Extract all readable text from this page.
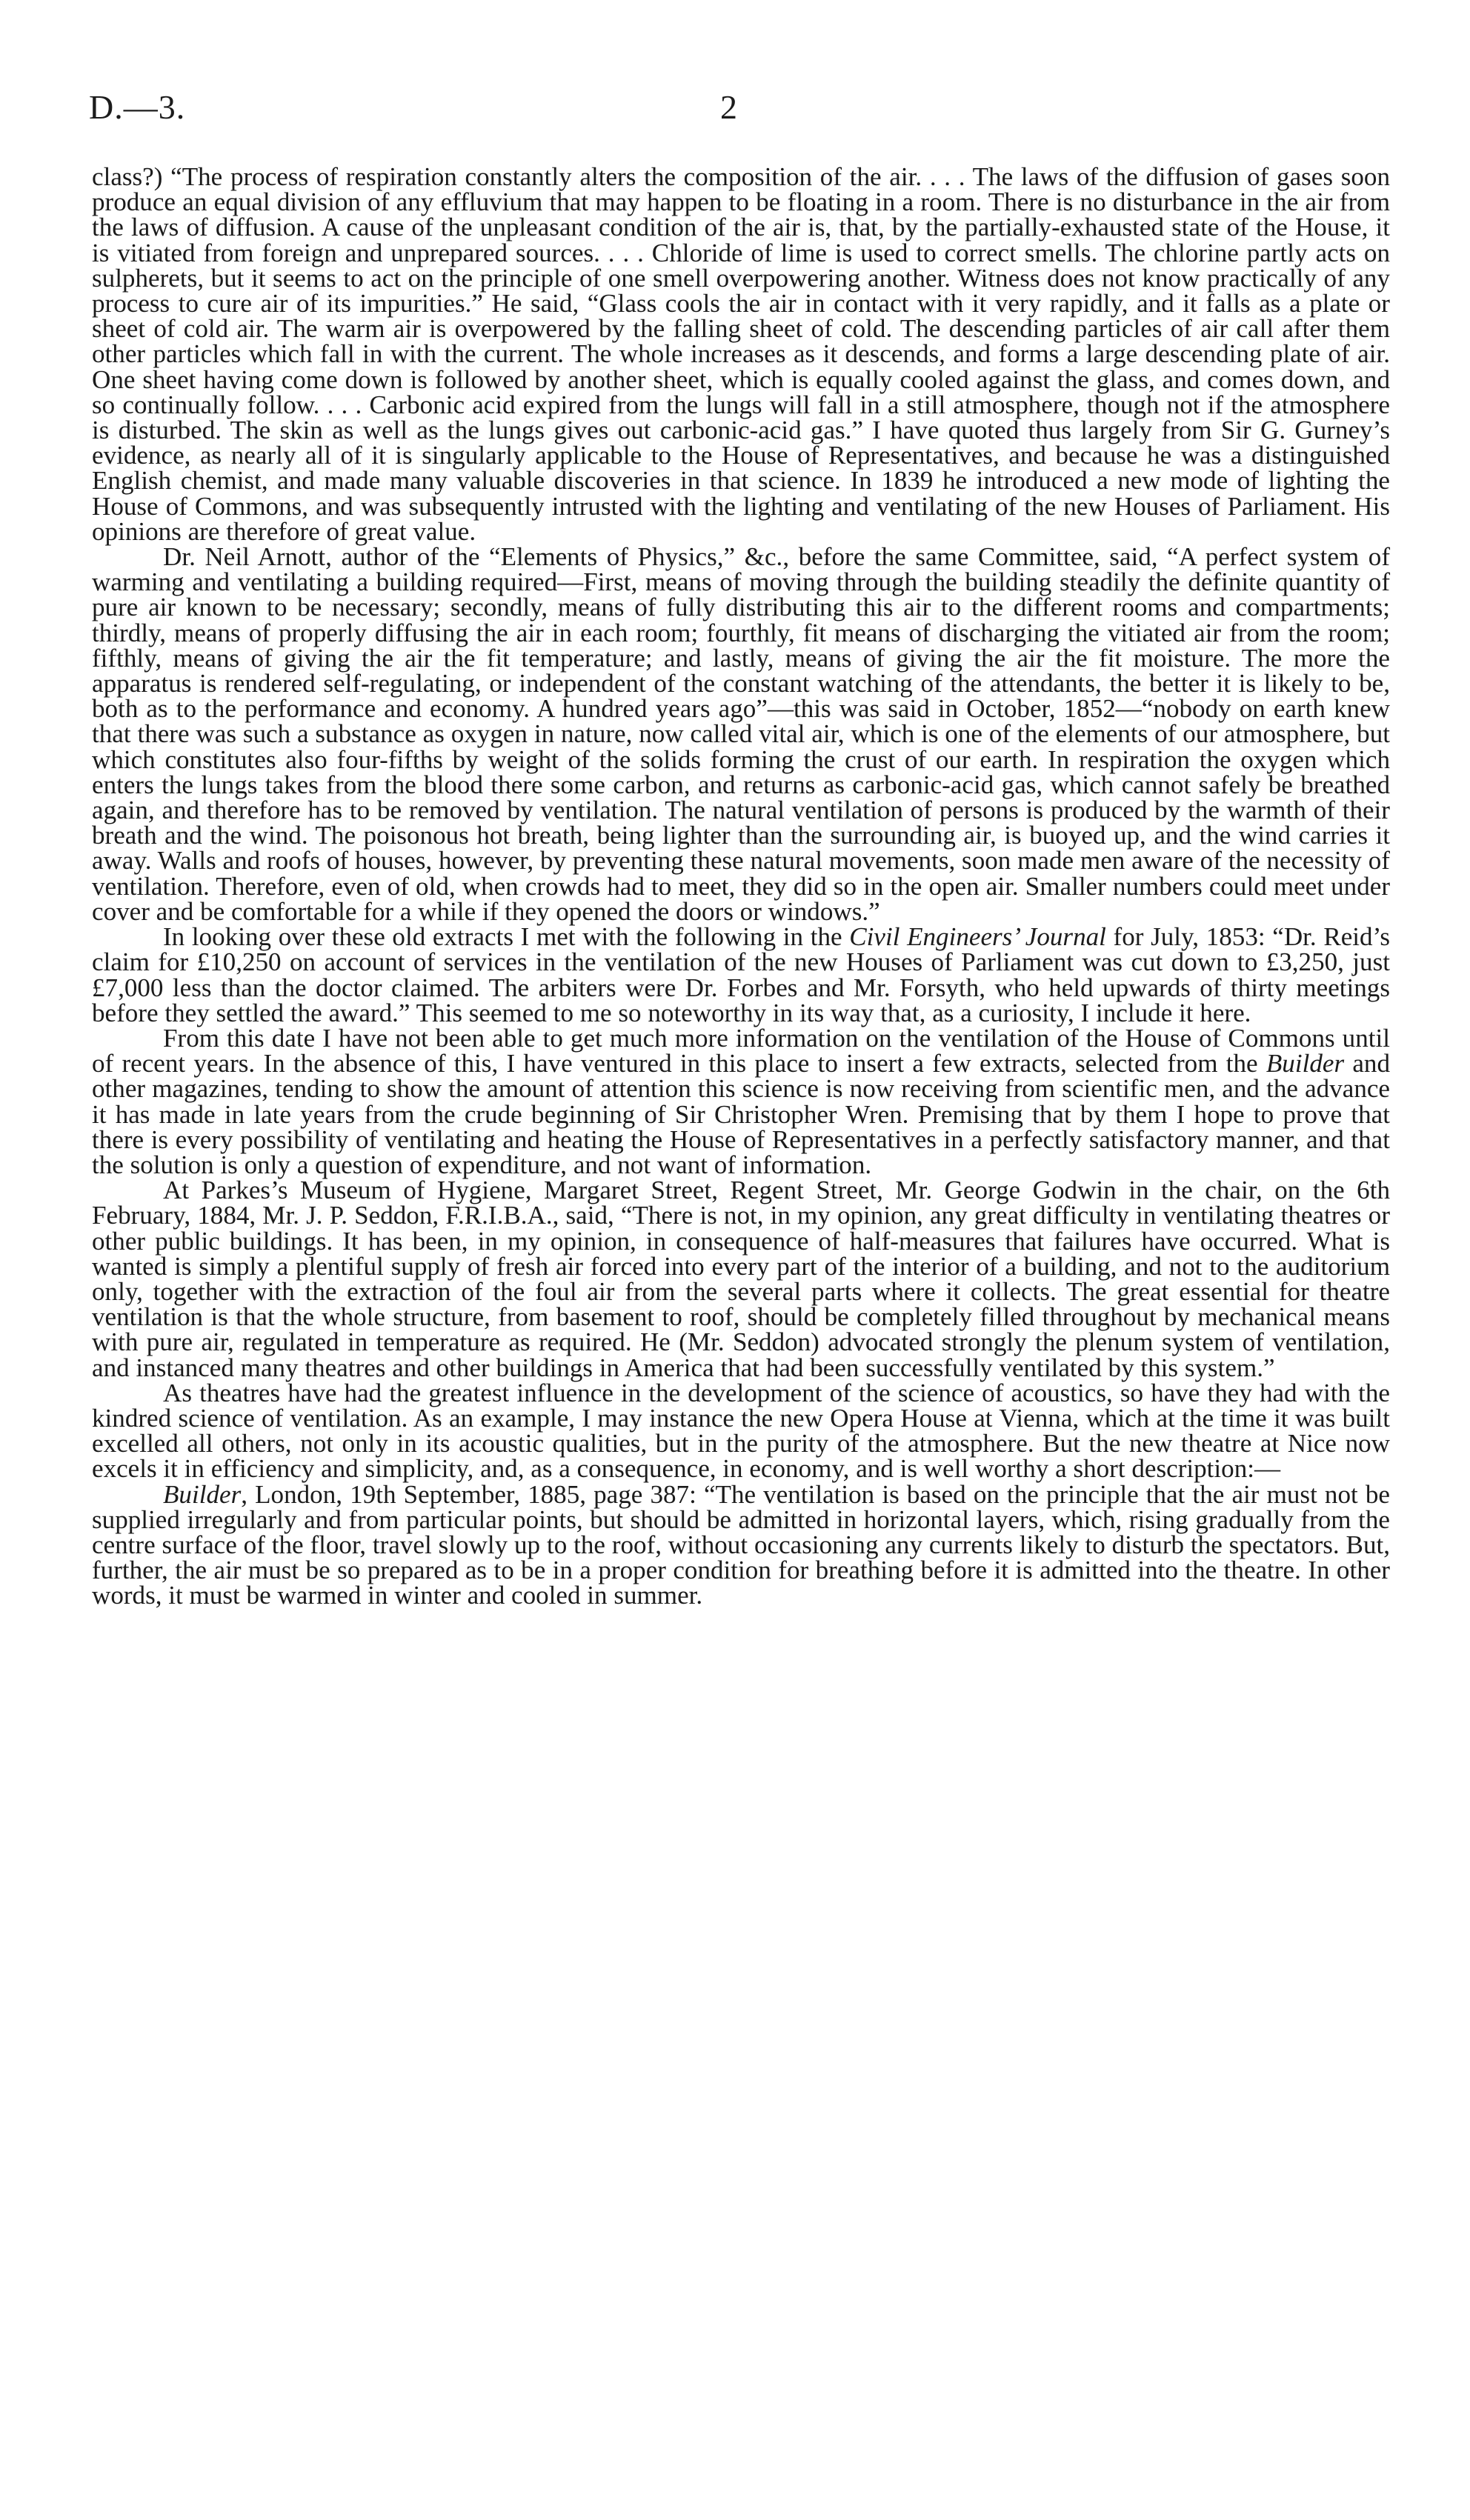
D.—3.	2

class?) “The process of respiration constantly alters the composition of the air. . . . The laws of the diffusion of gases soon produce an equal division of any effluvium that may happen to be floating in a room. There is no disturbance in the air from the laws of diffusion. A cause of the unpleasant condition of the air is, that, by the partially-exhausted state of the House, it is vitiated from foreign and unprepared sources. . . . Chloride of lime is used to correct smells. The chlorine partly acts on sulpherets, but it seems to act on the principle of one smell overpowering another. Witness does not know practically of any process to cure air of its impurities.” He said, “Glass cools the air in contact with it very rapidly, and it falls as a plate or sheet of cold air. The warm air is overpowered by the falling sheet of cold. The descending particles of air call after them other particles which fall in with the current. The whole increases as it descends, and forms a large descending plate of air. One sheet having come down is followed by another sheet, which is equally cooled against the glass, and comes down, and so continually follow. . . . Carbonic acid expired from the lungs will fall in a still atmosphere, though not if the atmosphere is disturbed. The skin as well as the lungs gives out carbonic-acid gas.” I have quoted thus largely from Sir G. Gurney’s evidence, as nearly all of it is singularly applicable to the House of Representatives, and because he was a distinguished English chemist, and made many valuable discoveries in that science. In 1839 he introduced a new mode of lighting the House of Commons, and was subsequently intrusted with the lighting and ventilating of the new Houses of Parliament. His opinions are therefore of great value.

Dr. Neil Arnott, author of the “Elements of Physics,” &c., before the same Committee, said, “A perfect system of warming and ventilating a building required—First, means of moving through the building steadily the definite quantity of pure air known to be necessary; secondly, means of fully distributing this air to the different rooms and compartments; thirdly, means of properly diffusing the air in each room; fourthly, fit means of discharging the vitiated air from the room; fifthly, means of giving the air the fit temperature; and lastly, means of giving the air the fit moisture. The more the apparatus is rendered self-regulating, or independent of the constant watching of the attendants, the better it is likely to be, both as to the performance and economy. A hundred years ago”—this was said in October, 1852—“nobody on earth knew that there was such a substance as oxygen in nature, now called vital air, which is one of the elements of our atmosphere, but which constitutes also four-fifths by weight of the solids forming the crust of our earth. In respiration the oxygen which enters the lungs takes from the blood there some carbon, and returns as carbonic-acid gas, which cannot safely be breathed again, and therefore has to be removed by ventilation. The natural ventilation of persons is produced by the warmth of their breath and the wind. The poisonous hot breath, being lighter than the surrounding air, is buoyed up, and the wind carries it away. Walls and roofs of houses, however, by preventing these natural movements, soon made men aware of the necessity of ventilation. Therefore, even of old, when crowds had to meet, they did so in the open air. Smaller numbers could meet under cover and be comfortable for a while if they opened the doors or windows.”

In looking over these old extracts I met with the following in the Civil Engineers’ Journal for July, 1853: “Dr. Reid’s claim for £10,250 on account of services in the ventilation of the new Houses of Parliament was cut down to £3,250, just £7,000 less than the doctor claimed. The arbiters were Dr. Forbes and Mr. Forsyth, who held upwards of thirty meetings before they settled the award.” This seemed to me so noteworthy in its way that, as a curiosity, I include it here.

From this date I have not been able to get much more information on the ventilation of the House of Commons until of recent years. In the absence of this, I have ventured in this place to insert a few extracts, selected from the Builder and other magazines, tending to show the amount of attention this science is now receiving from scientific men, and the advance it has made in late years from the crude beginning of Sir Christopher Wren. Premising that by them I hope to prove that there is every possibility of ventilating and heating the House of Representatives in a perfectly satisfactory manner, and that the solution is only a question of expenditure, and not want of information.

At Parkes’s Museum of Hygiene, Margaret Street, Regent Street, Mr. George Godwin in the chair, on the 6th February, 1884, Mr. J. P. Seddon, F.R.I.B.A., said, “There is not, in my opinion, any great difficulty in ventilating theatres or other public buildings. It has been, in my opinion, in consequence of half-measures that failures have occurred. What is wanted is simply a plentiful supply of fresh air forced into every part of the interior of a building, and not to the auditorium only, together with the extraction of the foul air from the several parts where it collects. The great essential for theatre ventilation is that the whole structure, from basement to roof, should be completely filled throughout by mechanical means with pure air, regulated in temperature as required. He (Mr. Seddon) advocated strongly the plenum system of ventilation, and instanced many theatres and other buildings in America that had been successfully ventilated by this system.”

As theatres have had the greatest influence in the development of the science of acoustics, so have they had with the kindred science of ventilation. As an example, I may instance the new Opera House at Vienna, which at the time it was built excelled all others, not only in its acoustic qualities, but in the purity of the atmosphere. But the new theatre at Nice now excels it in efficiency and simplicity, and, as a consequence, in economy, and is well worthy a short description:—

Builder, London, 19th September, 1885, page 387: “The ventilation is based on the principle that the air must not be supplied irregularly and from particular points, but should be admitted in horizontal layers, which, rising gradually from the centre surface of the floor, travel slowly up to the roof, without occasioning any currents likely to disturb the spectators. But, further, the air must be so prepared as to be in a proper condition for breathing before it is admitted into the theatre. In other words, it must be warmed in winter and cooled in summer.
